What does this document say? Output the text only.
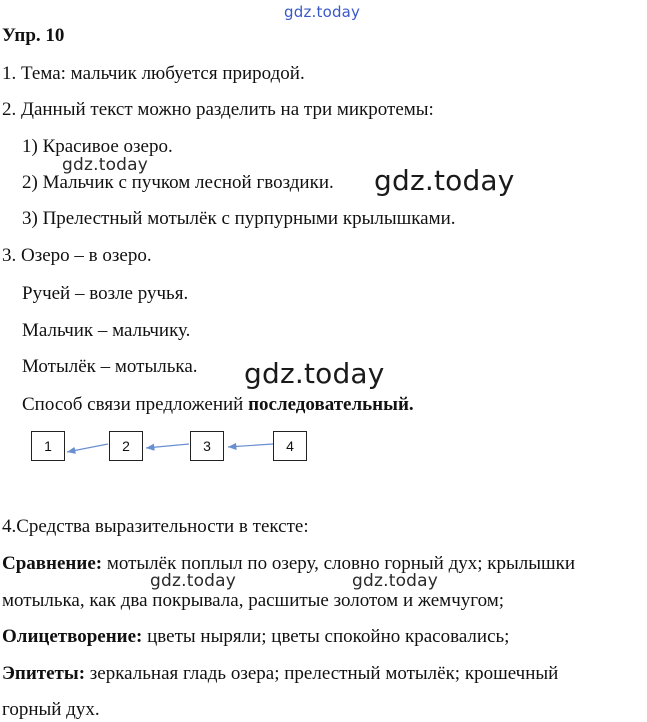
gdz.today
gdz.today	gdz.today
gdz.today
gdz.today	gdz.today
Упр. 10
1. Тема: мальчик любуется природой.
2. Данный текст можно разделить на три микротемы:
1) Красивое озеро.
2) Мальчик с пучком лесной гвоздики.
3) Прелестный мотылёк с пурпурными крылышками.
3. Озеро – в озеро.
Ручей – возле ручья.
Мальчик – мальчику.
Мотылёк – мотылька.
Способ связи предложений последовательный.
1	2	3	4
4.Средства выразительности в тексте:
Сравнение: мотылёк поплыл по озеру, словно горный дух; крылышки
мотылька, как два покрывала, расшитые золотом и жемчугом;
Олицетворение: цветы ныряли; цветы спокойно красовались;
Эпитеты: зеркальная гладь озера; прелестный мотылёк; крошечный
горный дух.
